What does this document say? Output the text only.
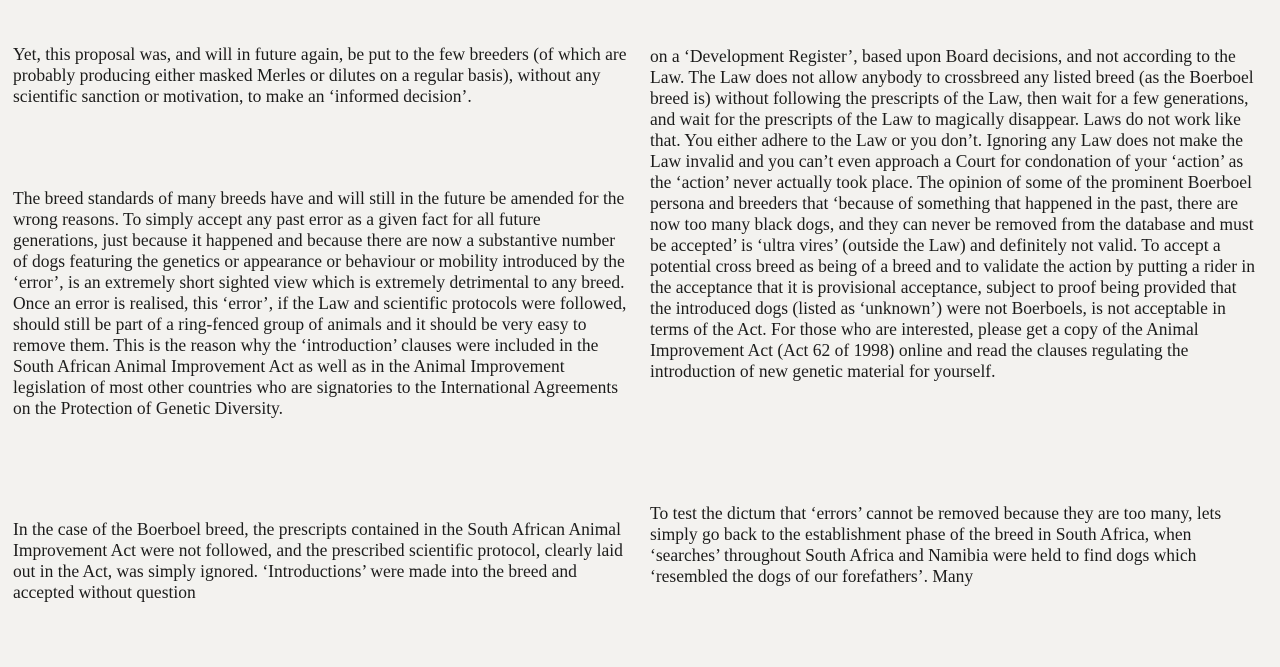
Yet, this proposal was, and will in future again, be put to the few breeders (of which are probably producing either masked Merles or dilutes on a regular basis), without any scientific sanction or motivation, to make an ‘informed decision’.

The breed standards of many breeds have and will still in the future be amended for the wrong reasons. To simply accept any past error as a given fact for all future generations, just because it happened and because there are now a substantive number of dogs featuring the genetics or appearance or behaviour or mobility introduced by the ‘error’, is an extremely short sighted view which is extremely detrimental to any breed. Once an error is realised, this ‘error’, if the Law and scientific protocols were followed, should still be part of a ring-fenced group of animals and it should be very easy to remove them. This is the reason why the ‘introduction’ clauses were included in the South African Animal Improvement Act as well as in the Animal Improvement legislation of most other countries who are signatories to the International Agreements on the Protection of Genetic Diversity.

In the case of the Boerboel breed, the prescripts contained in the South African Animal Improvement Act were not followed, and the prescribed scientific protocol, clearly laid out in the Act, was simply ignored. ‘Introductions’ were made into the breed and accepted without question

on a ‘Development Register’, based upon Board decisions, and not according to the Law. The Law does not allow anybody to crossbreed any listed breed (as the Boerboel breed is) without following the prescripts of the Law, then wait for a few generations, and wait for the prescripts of the Law to magically disappear. Laws do not work like that. You either adhere to the Law or you don’t. Ignoring any Law does not make the Law invalid and you can’t even approach a Court for condonation of your ‘action’ as the ‘action’ never actually took place. The opinion of some of the prominent Boerboel persona and breeders that ‘because of something that happened in the past, there are now too many black dogs, and they can never be removed from the database and must be accepted’ is ‘ultra vires’ (outside the Law) and definitely not valid. To accept a potential cross breed as being of a breed and to validate the action by putting a rider in the acceptance that it is provisional acceptance, subject to proof being provided that the introduced dogs (listed as ‘unknown’) were not Boerboels, is not acceptable in terms of the Act. For those who are interested, please get a copy of the Animal Improvement Act (Act 62 of 1998) online and read the clauses regulating the introduction of new genetic material for yourself.

To test the dictum that ‘errors’ cannot be removed because they are too many, lets simply go back to the establishment phase of the breed in South Africa, when ‘searches’ throughout South Africa and Namibia were held to find dogs which ‘resembled the dogs of our forefathers’. Many
